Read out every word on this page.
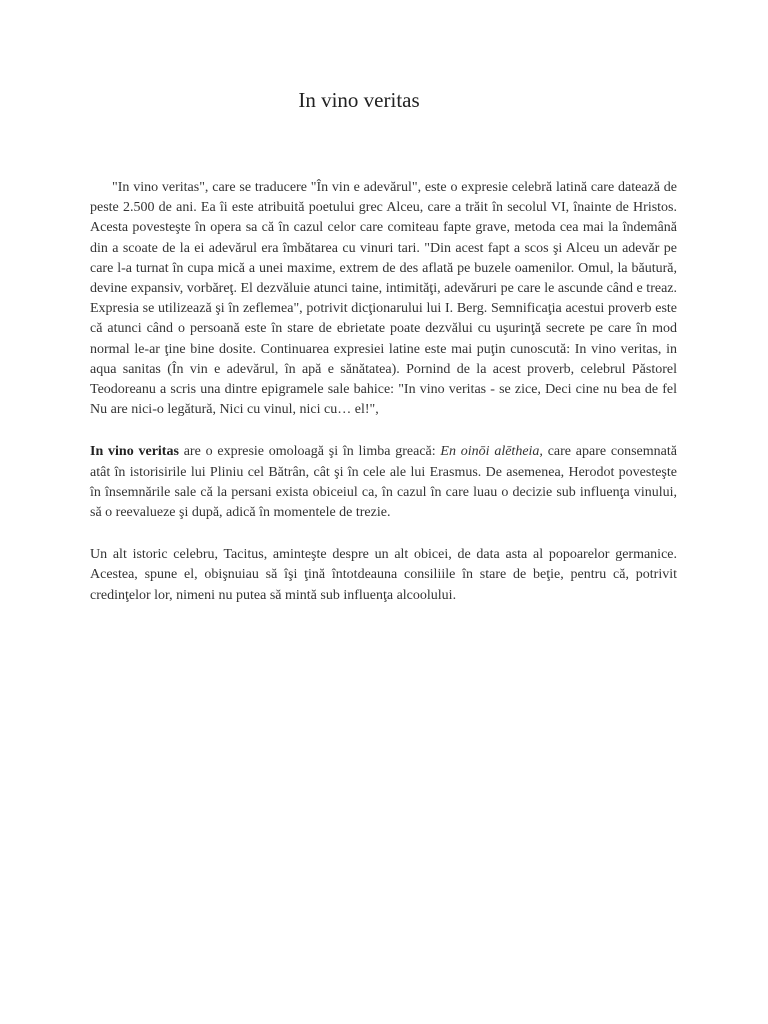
In vino veritas

"In vino veritas", care se traducere "În vin e adevărul", este o expresie celebră latină care datează de peste 2.500 de ani. Ea îi este atribuită poetului grec Alceu, care a trăit în secolul VI, înainte de Hristos. Acesta povesteşte în opera sa că în cazul celor care comiteau fapte grave, metoda cea mai la îndemână din a scoate de la ei adevărul era îmbătarea cu vinuri tari. "Din acest fapt a scos şi Alceu un adevăr pe care l-a turnat în cupa mică a unei maxime, extrem de des aflată pe buzele oamenilor. Omul, la băutură, devine expansiv, vorbăreţ. El dezvăluie atunci taine, intimităţi, adevăruri pe care le ascunde când e treaz. Expresia se utilizează şi în zeflemea", potrivit dicţionarului lui I. Berg. Semnificaţia acestui proverb este că atunci când o persoană este în stare de ebrietate poate dezvălui cu uşurinţă secrete pe care în mod normal le-ar ţine bine dosite. Continuarea expresiei latine este mai puţin cunoscută: In vino veritas, in aqua sanitas (În vin e adevărul, în apă e sănătatea). Pornind de la acest proverb, celebrul Păstorel Teodoreanu a scris una dintre epigramele sale bahice: "In vino veritas - se zice, Deci cine nu bea de fel Nu are nici-o legătură, Nici cu vinul, nici cu… el!",

In vino veritas are o expresie omoloagă şi în limba greacă: En oinōi alētheia, care apare consemnată atât în istorisirile lui Pliniu cel Bătrân, cât şi în cele ale lui Erasmus. De asemenea, Herodot povesteşte în însemnările sale că la persani exista obiceiul ca, în cazul în care luau o decizie sub influenţa vinului, să o reevalueze şi după, adică în momentele de trezie.

Un alt istoric celebru, Tacitus, aminteşte despre un alt obicei, de data asta al popoarelor germanice. Acestea, spune el, obişnuiau să îşi ţină întotdeauna consiliile în stare de beţie, pentru că, potrivit credinţelor lor, nimeni nu putea să mintă sub influenţa alcoolului.
